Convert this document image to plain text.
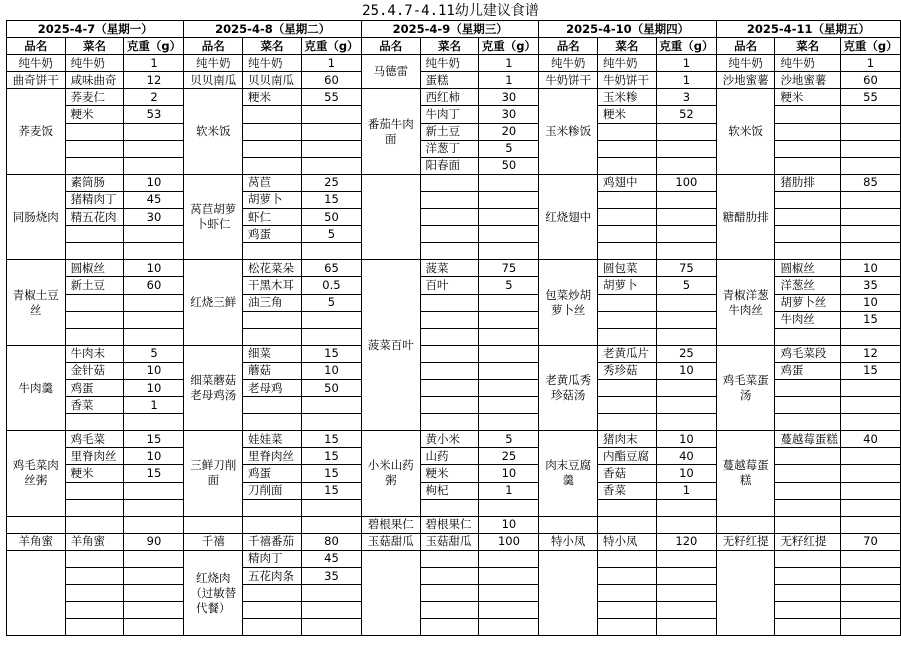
25.4.7-4.11幼儿建议食谱
2025-4-7（星期一）			2025-4-8（星期二）			2025-4-9（星期三）			2025-4-10（星期四）			2025-4-11（星期五）		
品名	菜名	克重（g）	品名	菜名	克重（g）	品名	菜名	克重（g）	品名	菜名	克重（g）	品名	菜名	克重（g）
纯牛奶	纯牛奶	1	纯牛奶	纯牛奶	1	马德雷	纯牛奶	1	纯牛奶	纯牛奶	1	纯牛奶	纯牛奶	1
曲奇饼干	咸味曲奇	12	贝贝南瓜	贝贝南瓜	60		蛋糕	1	牛奶饼干	牛奶饼干	1	沙地蜜薯	沙地蜜薯	60
荞麦饭	荞麦仁	2	软米饭	粳米	55	番茄牛肉面	西红柿	30	玉米糁饭	玉米糁	3	软米饭	粳米	55
	粳米	53					牛肉丁	30		粳米	52			
							新土豆	20						
							洋葱丁	5						
							阳春面	50						
同肠烧肉	素筒肠	10	莴苣胡萝卜虾仁	莴苣	25				红烧翅中	鸡翅中	100	糖醋肋排	猪肋排	85
	猪精肉丁	45		胡萝卜	15									
	精五花肉	30		虾仁	50									
				鸡蛋	5									

青椒土豆丝	圆椒丝	10	红烧三鲜	松花菜朵	65	菠菜百叶	菠菜	75	包菜炒胡萝卜丝	圆包菜	75	青椒洋葱牛肉丝	圆椒丝	10
	新土豆	60		干黑木耳	0.5		百叶	5		胡萝卜	5		洋葱丝	35
				油三角	5								胡萝卜丝	10
													牛肉丝	15

牛肉羹	牛肉末	5	细菜蘑菇老母鸡汤	细菜	15				老黄瓜秀珍菇汤	老黄瓜片	25	鸡毛菜蛋汤	鸡毛菜段	12
	金针菇	10		蘑菇	10					秀珍菇	10		鸡蛋	15
	鸡蛋	10		老母鸡	50									
	香菜	1												

鸡毛菜肉丝粥	鸡毛菜	15	三鲜刀削面	娃娃菜	15	小米山药粥	黄小米	5	肉末豆腐羹	猪肉末	10	蔓越莓蛋糕	蔓越莓蛋糕	40
	里脊肉丝	10		里脊肉丝	15		山药	25		内酯豆腐	40			
	粳米	15		鸡蛋	15		粳米	10		香菇	10			
				刀削面	15		枸杞	1		香菜	1			

						碧根果仁	碧根果仁	10						
羊角蜜	羊角蜜	90	千禧	千禧番茄	80	玉菇甜瓜	玉菇甜瓜	100	特小凤	特小凤	120	无籽红提	无籽红提	70
			红烧肉（过敏替代餐）	精肉丁	45									
				五花肉条	35									
